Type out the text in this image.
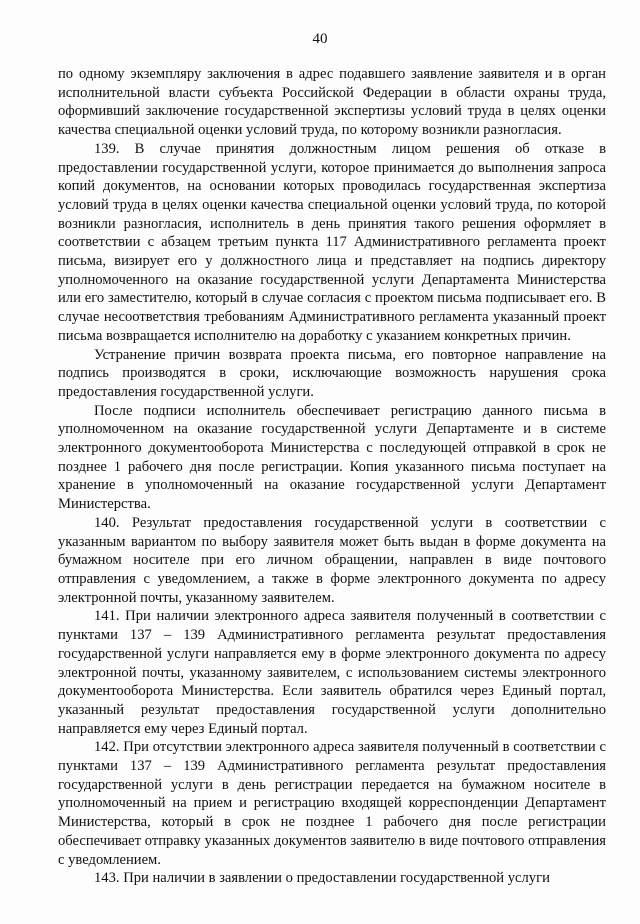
40

по одному экземпляру заключения в адрес подавшего заявление заявителя и в орган исполнительной власти субъекта Российской Федерации в области охраны труда, оформивший заключение государственной экспертизы условий труда в целях оценки качества специальной оценки условий труда, по которому возникли разногласия.

139. В случае принятия должностным лицом решения об отказе в предоставлении государственной услуги, которое принимается до выполнения запроса копий документов, на основании которых проводилась государственная экспертиза условий труда в целях оценки качества специальной оценки условий труда, по которой возникли разногласия, исполнитель в день принятия такого решения оформляет в соответствии с абзацем третьим пункта 117 Административного регламента проект письма, визирует его у должностного лица и представляет на подпись директору уполномоченного на оказание государственной услуги Департамента Министерства или его заместителю, который в случае согласия с проектом письма подписывает его. В случае несоответствия требованиям Административного регламента указанный проект письма возвращается исполнителю на доработку с указанием конкретных причин.

Устранение причин возврата проекта письма, его повторное направление на подпись производятся в сроки, исключающие возможность нарушения срока предоставления государственной услуги.

После подписи исполнитель обеспечивает регистрацию данного письма в уполномоченном на оказание государственной услуги Департаменте и в системе электронного документооборота Министерства с последующей отправкой в срок не позднее 1 рабочего дня после регистрации. Копия указанного письма поступает на хранение в уполномоченный на оказание государственной услуги Департамент Министерства.

140. Результат предоставления государственной услуги в соответствии с указанным вариантом по выбору заявителя может быть выдан в форме документа на бумажном носителе при его личном обращении, направлен в виде почтового отправления с уведомлением, а также в форме электронного документа по адресу электронной почты, указанному заявителем.

141. При наличии электронного адреса заявителя полученный в соответствии с пунктами 137 – 139 Административного регламента результат предоставления государственной услуги направляется ему в форме электронного документа по адресу электронной почты, указанному заявителем, с использованием системы электронного документооборота Министерства. Если заявитель обратился через Единый портал, указанный результат предоставления государственной услуги дополнительно направляется ему через Единый портал.

142. При отсутствии электронного адреса заявителя полученный в соответствии с пунктами 137 – 139 Административного регламента результат предоставления государственной услуги в день регистрации передается на бумажном носителе в уполномоченный на прием и регистрацию входящей корреспонденции Департамент Министерства, который в срок не позднее 1 рабочего дня после регистрации обеспечивает отправку указанных документов заявителю в виде почтового отправления с уведомлением.

143. При наличии в заявлении о предоставлении государственной услуги
